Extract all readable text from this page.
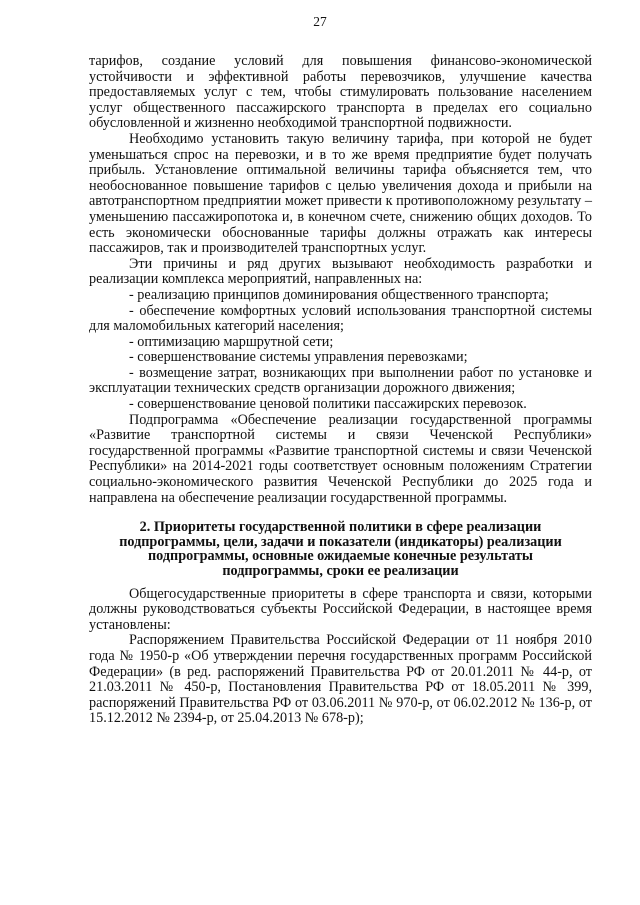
27

тарифов, создание условий для повышения финансово-экономической устойчивости и эффективной работы перевозчиков, улучшение качества предоставляемых услуг с тем, чтобы стимулировать пользование населением услуг общественного пассажирского транспорта в пределах его социально обусловленной и жизненно необходимой транспортной подвижности.

Необходимо установить такую величину тарифа, при которой не будет уменьшаться спрос на перевозки, и в то же время предприятие будет получать прибыль. Установление оптимальной величины тарифа объясняется тем, что необоснованное повышение тарифов с целью увеличения дохода и прибыли на автотранспортном предприятии может привести к противоположному результату – уменьшению пассажиропотока и, в конечном счете, снижению общих доходов. То есть экономически обоснованные тарифы должны отражать как интересы пассажиров, так и производителей транспортных услуг.

Эти причины и ряд других вызывают необходимость разработки и реализации комплекса мероприятий, направленных на:

- реализацию принципов доминирования общественного транспорта;

- обеспечение комфортных условий использования транспортной системы для маломобильных категорий населения;

- оптимизацию маршрутной сети;

- совершенствование системы управления перевозками;

- возмещение затрат, возникающих при выполнении работ по установке и эксплуатации технических средств организации дорожного движения;

- совершенствование ценовой политики пассажирских перевозок.

Подпрограмма «Обеспечение реализации государственной программы «Развитие транспортной системы и связи Чеченской Республики» государственной программы «Развитие транспортной системы и связи Чеченской Республики» на 2014-2021 годы соответствует основным положениям Стратегии социально-экономического развития Чеченской Республики до 2025 года и направлена на обеспечение реализации государственной программы.

2. Приоритеты государственной политики в сфере реализации
подпрограммы, цели, задачи и показатели (индикаторы) реализации
подпрограммы, основные ожидаемые конечные результаты
подпрограммы, сроки ее реализации

Общегосударственные приоритеты в сфере транспорта и связи, которыми должны руководствоваться субъекты Российской Федерации, в настоящее время установлены:

Распоряжением Правительства Российской Федерации от 11 ноября 2010 года № 1950-р «Об утверждении перечня государственных программ Российской Федерации» (в ред. распоряжений Правительства РФ от 20.01.2011 № 44-р, от 21.03.2011 № 450-р, Постановления Правительства РФ от 18.05.2011 № 399, распоряжений Правительства РФ от 03.06.2011 № 970-р, от 06.02.2012 № 136-р, от 15.12.2012 № 2394-р, от 25.04.2013 № 678-р);
